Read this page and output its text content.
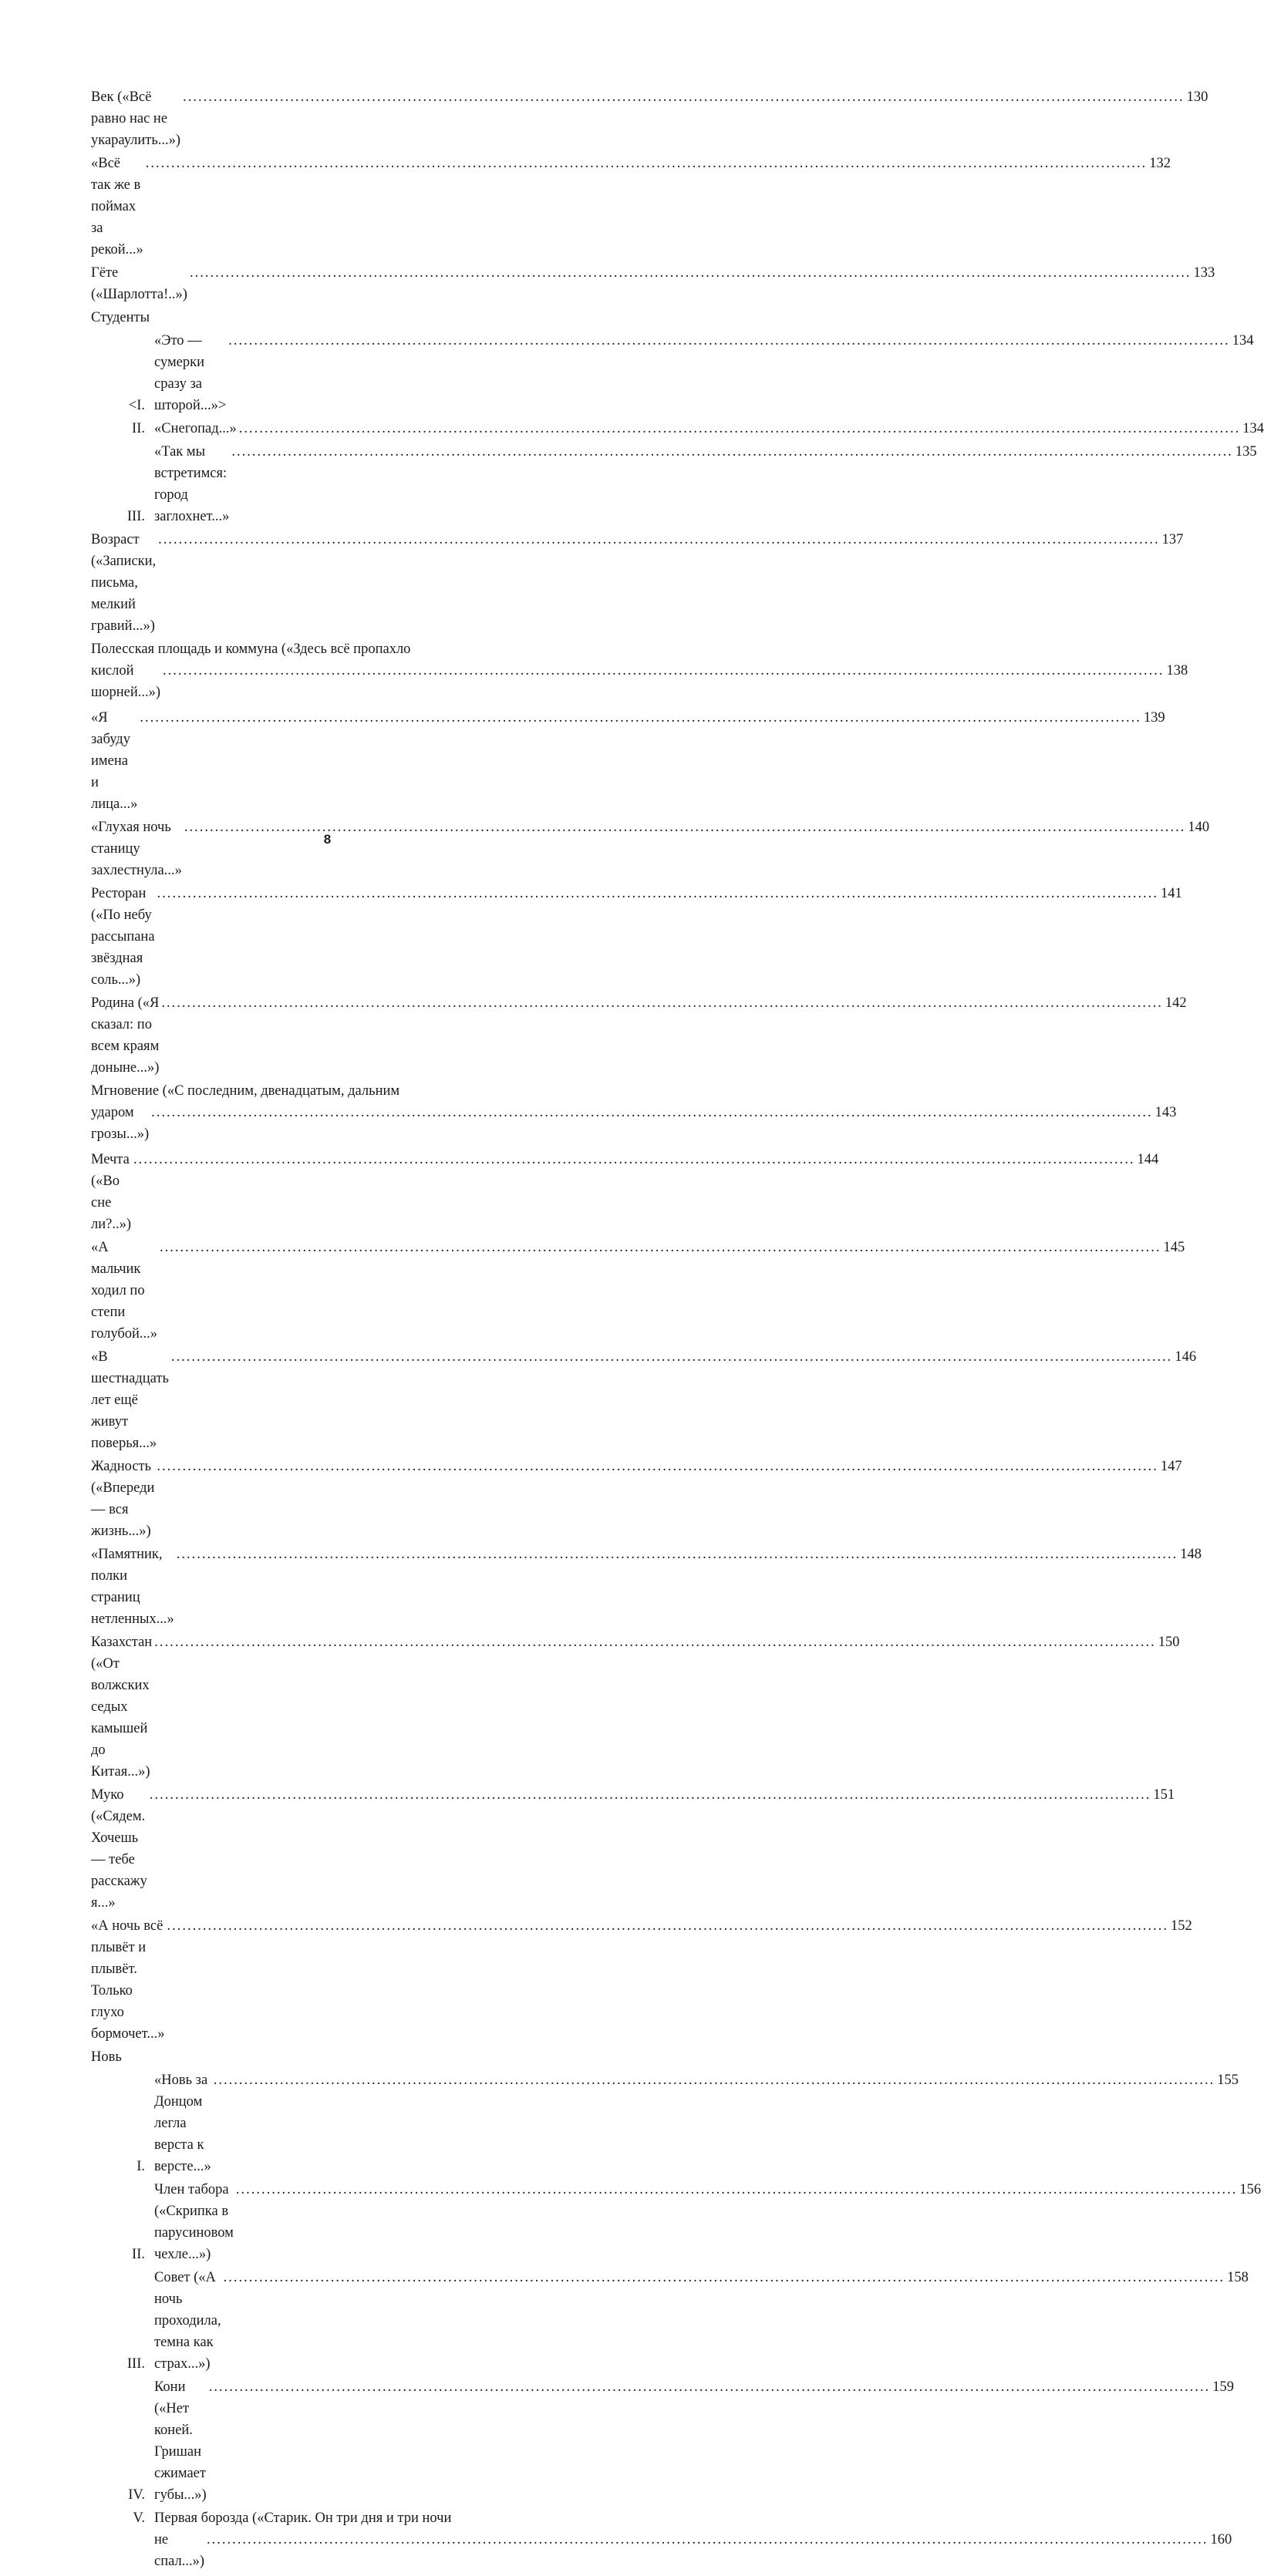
Век («Всё равно нас не укараулить...»)
.....
130
«Всё так же в поймах за рекой...»
.....
132
Гёте («Шарлотта!..»)
.....
133
Студенты
<I.
«Это — сумерки сразу за шторой...»>
.....
134
II. «Снегопад...»
.....	134
III.
«Так мы встретимся: город заглохнет...»
.....
135
Возраст («Записки, письма, мелкий гравий...»)
.....
137
Полесская площадь и коммуна («Здесь всё пропахло
кислой шорней...»)
.....
138
«Я забуду имена и лица...»
.....
139
«Глухая ночь станицу захлестнула...»
.....
140
Ресторан («По небу рассыпана звёздная соль...»)
.....
141
Родина («Я сказал: по всем краям доныне...»)
.....
142
Мгновение («С последним, двенадцатым, дальним
ударом грозы...»)
.....
143
Мечта («Во сне ли?..»)
.....
144
«А мальчик ходил по степи голубой...»
.....
145
«В шестнадцать лет ещё живут поверья...»
.....
146
Жадность («Впереди — вся жизнь...»)
.....
147
«Памятник, полки страниц нетленных...»
.....
148
Казахстан («От волжских седых камышей до Китая...»)
.....
150
Муко («Сядем. Хочешь — тебе расскажу я...»
.....
151
«А ночь всё плывёт и плывёт. Только глухо бормочет...»
.....
152
Новь
I.
«Новь за Донцом легла верста к версте...»
.....
155
II.
Член табора («Скрипка в парусиновом чехле...»)
.....
156
III.
Совет («А ночь проходила, темна как страх...»)
.....
158
IV.
Кони («Нет коней. Гришан сжимает губы...»)
.....
159
V. Первая борозда («Старик. Он три дня и три ночи
не спал...»)
.....
160
8
